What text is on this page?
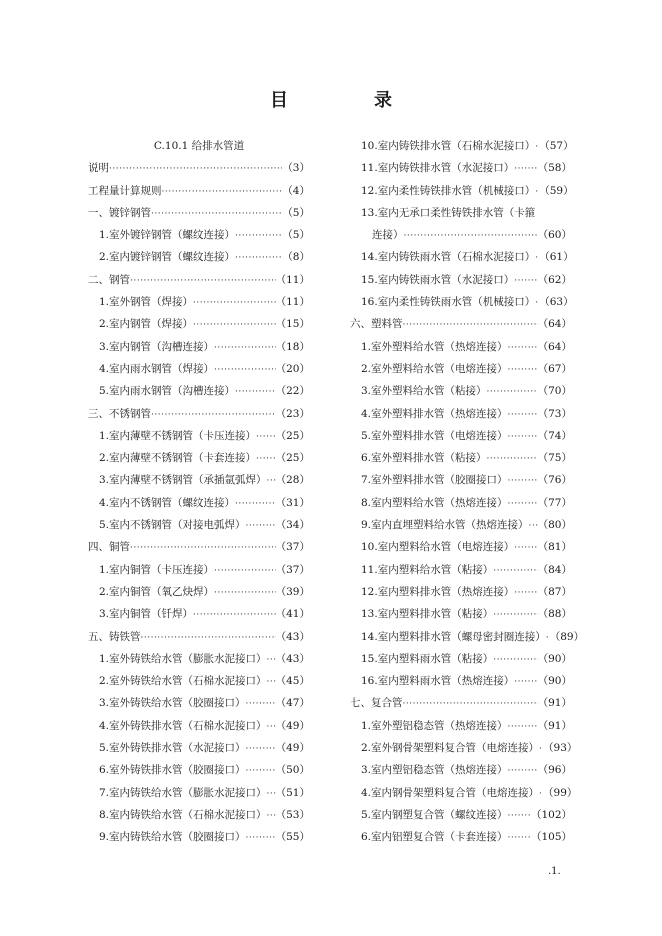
目　录
C.10.1 给排水管道
说明 ·····	（3）
工程量计算规则 ·····	（4）
一、镀锌钢管 ·····	（5）
1.室外镀锌钢管（螺纹连接） ·····	（5）
2.室内镀锌钢管（螺纹连接） ·····	（8）
二、钢管 ·····	（11）
1.室外钢管（焊接） ·····	（11）
2.室内钢管（焊接） ·····	（15）
3.室内钢管（沟槽连接） ·····	（18）
4.室内雨水钢管（焊接） ·····	（20）
5.室内雨水钢管（沟槽连接） ·····	（22）
三、不锈钢管 ·····	（23）
1.室内薄壁不锈钢管（卡压连接） ····· （25）
2.室内薄壁不锈钢管（卡套连接） ····· （25）
3.室内薄壁不锈钢管（承插氩弧焊） ····· （28）
4.室内不锈钢管（螺纹连接） ·····	（31）
5.室内不锈钢管（对接电弧焊） ·····	（34）
四、铜管 ·····	（37）
1.室内铜管（卡压连接） ·····	（37）
2.室内铜管（氧乙炔焊） ·····	（39）
3.室内铜管（钎焊） ·····	（41）
五、铸铁管 ·····	（43）
1.室外铸铁给水管（膨胀水泥接口） ····· （43）
2.室外铸铁给水管（石棉水泥接口） ····· （45）
3.室外铸铁给水管（胶圈接口） ·····	（47）
4.室外铸铁排水管（石棉水泥接口） ····· （49）
5.室外铸铁排水管（水泥接口） ·····	（49）
6.室外铸铁排水管（胶圈接口） ·····	（50）
7.室内铸铁给水管（膨胀水泥接口） ····· （51）
8.室内铸铁给水管（石棉水泥接口） ····· （53）
9.室内铸铁给水管（胶圈接口） ·····	（55）
10.室内铸铁排水管（石棉水泥接口） ····· （57）
11.室内铸铁排水管（水泥接口） ····· （58）
12.室内柔性铸铁排水管（机械接口） ····· （59）
13.室内无承口柔性铸铁排水管（卡箍
连接） ·····	（60）
14.室内铸铁雨水管（石棉水泥接口） ····· （61）
15.室内铸铁雨水管（水泥接口） ····· （62）
16.室内柔性铸铁雨水管（机械接口） ····· （63）
六、塑料管 ·····	（64）
1.室外塑料给水管（热熔连接） ·····	（64）
2.室外塑料给水管（电熔连接） ·····	（67）
3.室外塑料给水管（粘接） ·····	（70）
4.室外塑料排水管（热熔连接） ·····	（73）
5.室外塑料排水管（电熔连接） ·····	（74）
6.室外塑料排水管（粘接） ·····	（75）
7.室外塑料排水管（胶圈接口） ·····	（76）
8.室内塑料给水管（热熔连接） ·····	（77）
9.室内直埋塑料给水管（热熔连接） ····· （80）
10.室内塑料给水管（电熔连接） ····· （81）
11.室内塑料给水管（粘接） ·····	（84）
12.室内塑料排水管（热熔连接） ····· （87）
13.室内塑料排水管（粘接） ·····	（88）
14.室内塑料排水管（螺母密封圈连接） ····· （89）
15.室内塑料雨水管（粘接） ·····	（90）
16.室内塑料雨水管（热熔连接） ····· （90）
七、复合管 ·····	（91）
1.室外塑铝稳态管（热熔连接） ·····	（91）
2.室外钢骨架塑料复合管（电熔连接） ····· （93）
3.室内塑铝稳态管（热熔连接） ·····	（96）
4.室内钢骨架塑料复合管（电熔连接） ····· （99）
5.室内钢塑复合管（螺纹连接） ····· （102）
6.室内铝塑复合管（卡套连接） ····· （105）
.1.
